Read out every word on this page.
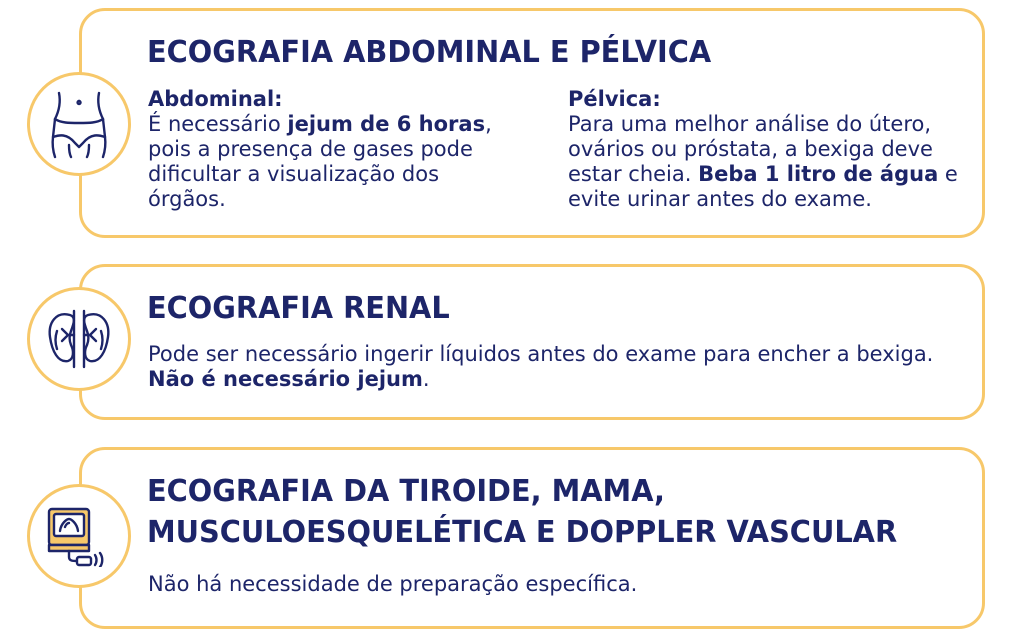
ECOGRAFIA ABDOMINAL E PÉLVICA
Abdominal:
É necessário jejum de 6 horas, pois a presença de gases pode dificultar a visualização dos órgãos.
Pélvica:
Para uma melhor análise do útero, ovários ou próstata, a bexiga deve estar cheia. Beba 1 litro de água e evite urinar antes do exame.
ECOGRAFIA RENAL
Pode ser necessário ingerir líquidos antes do exame para encher a bexiga. Não é necessário jejum.
ECOGRAFIA DA TIROIDE, MAMA,
MUSCULOESQUELÉTICA E DOPPLER VASCULAR
Não há necessidade de preparação específica.
